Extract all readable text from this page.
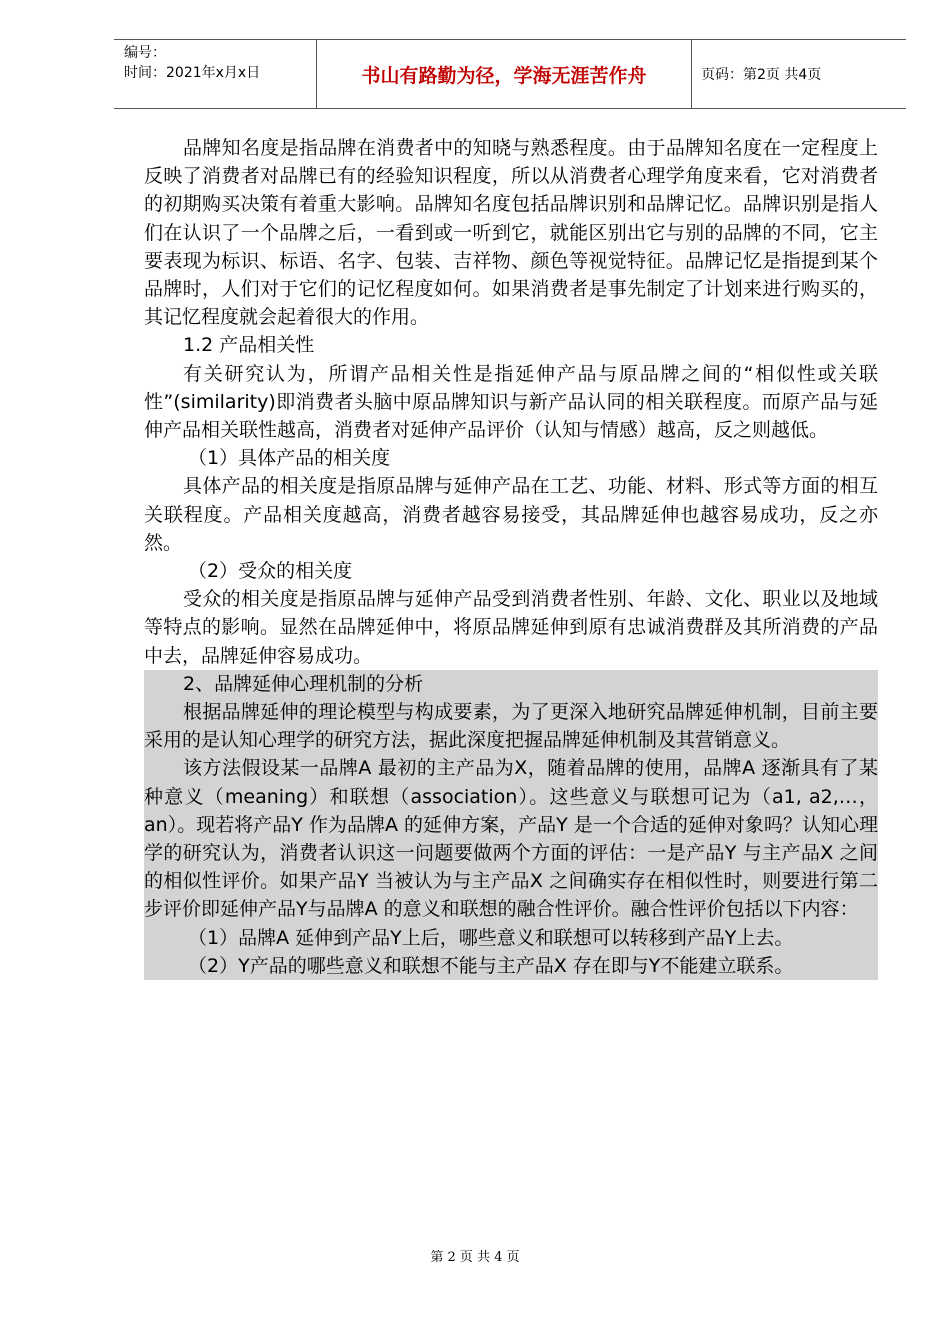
编号：
时间：2021年x月x日	书山有路勤为径，学海无涯苦作舟	页码：第2页 共4页

品牌知名度是指品牌在消费者中的知晓与熟悉程度。由于品牌知名度在一定程度上反映了消费者对品牌已有的经验知识程度，所以从消费者心理学角度来看，它对消费者的初期购买决策有着重大影响。品牌知名度包括品牌识别和品牌记忆。品牌识别是指人们在认识了一个品牌之后，一看到或一听到它，就能区别出它与别的品牌的不同，它主要表现为标识、标语、名字、包装、吉祥物、颜色等视觉特征。品牌记忆是指提到某个品牌时，人们对于它们的记忆程度如何。如果消费者是事先制定了计划来进行购买的，其记忆程度就会起着很大的作用。

1.2 产品相关性

有关研究认为，所谓产品相关性是指延伸产品与原品牌之间的“相似性或关联性”(similarity)即消费者头脑中原品牌知识与新产品认同的相关联程度。而原产品与延伸产品相关联性越高，消费者对延伸产品评价（认知与情感）越高，反之则越低。

（1）具体产品的相关度

具体产品的相关度是指原品牌与延伸产品在工艺、功能、材料、形式等方面的相互关联程度。产品相关度越高，消费者越容易接受，其品牌延伸也越容易成功，反之亦然。

（2）受众的相关度

受众的相关度是指原品牌与延伸产品受到消费者性别、年龄、文化、职业以及地域等特点的影响。显然在品牌延伸中，将原品牌延伸到原有忠诚消费群及其所消费的产品中去，品牌延伸容易成功。

2、品牌延伸心理机制的分析

根据品牌延伸的理论模型与构成要素，为了更深入地研究品牌延伸机制，目前主要采用的是认知心理学的研究方法，据此深度把握品牌延伸机制及其营销意义。

该方法假设某一品牌A 最初的主产品为X，随着品牌的使用，品牌A 逐渐具有了某种意义（meaning）和联想（association）。这些意义与联想可记为（a1, a2,…，an）。现若将产品Y 作为品牌A 的延伸方案，产品Y 是一个合适的延伸对象吗？认知心理学的研究认为，消费者认识这一问题要做两个方面的评估：一是产品Y 与主产品X 之间的相似性评价。如果产品Y 当被认为与主产品X 之间确实存在相似性时，则要进行第二步评价即延伸产品Y与品牌A 的意义和联想的融合性评价。融合性评价包括以下内容：

（1）品牌A 延伸到产品Y上后，哪些意义和联想可以转移到产品Y上去。

（2）Y产品的哪些意义和联想不能与主产品X 存在即与Y不能建立联系。

第 2 页 共 4 页
